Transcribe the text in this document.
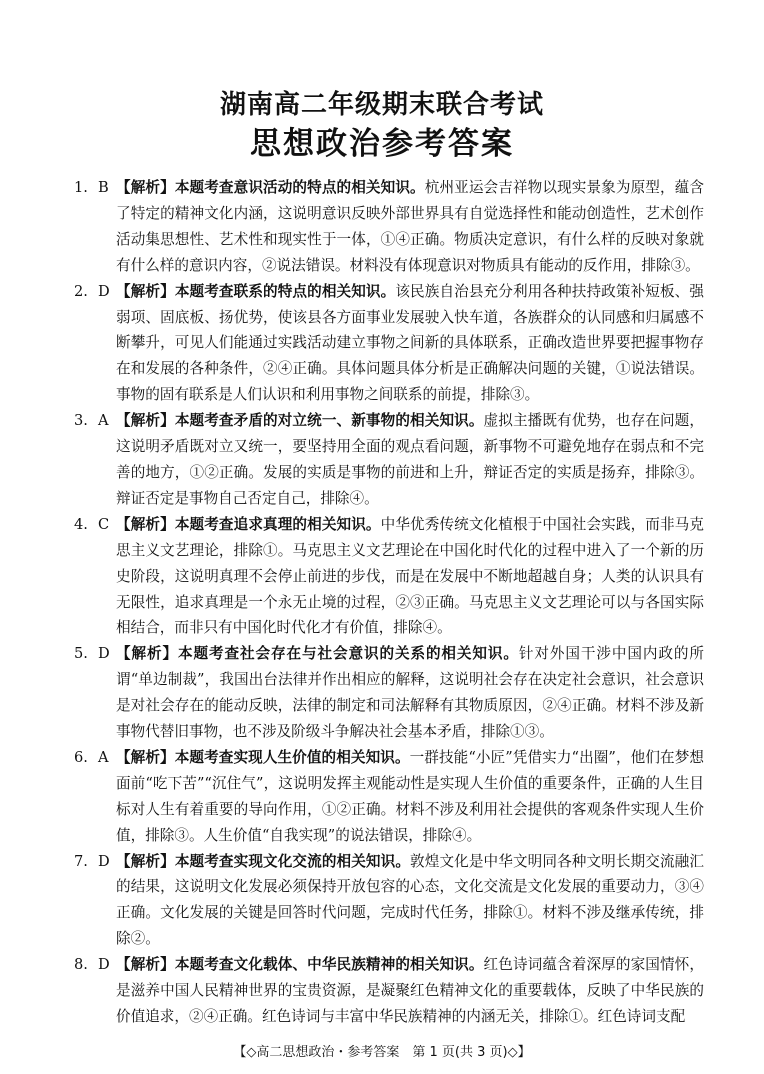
湖南高二年级期末联合考试
思想政治参考答案
1. B 【解析】本题考查意识活动的特点的相关知识。杭州亚运会吉祥物以现实景象为原型，蕴含了特定的精神文化内涵，这说明意识反映外部世界具有自觉选择性和能动创造性，艺术创作活动集思想性、艺术性和现实性于一体，①④正确。物质决定意识，有什么样的反映对象就有什么样的意识内容，②说法错误。材料没有体现意识对物质具有能动的反作用，排除③。
2. D 【解析】本题考查联系的特点的相关知识。该民族自治县充分利用各种扶持政策补短板、强弱项、固底板、扬优势，使该县各方面事业发展驶入快车道，各族群众的认同感和归属感不断攀升，可见人们能通过实践活动建立事物之间新的具体联系，正确改造世界要把握事物存在和发展的各种条件，②④正确。具体问题具体分析是正确解决问题的关键，①说法错误。事物的固有联系是人们认识和利用事物之间联系的前提，排除③。
3. A 【解析】本题考查矛盾的对立统一、新事物的相关知识。虚拟主播既有优势，也存在问题，这说明矛盾既对立又统一，要坚持用全面的观点看问题，新事物不可避免地存在弱点和不完善的地方，①②正确。发展的实质是事物的前进和上升，辩证否定的实质是扬弃，排除③。辩证否定是事物自己否定自己，排除④。
4. C 【解析】本题考查追求真理的相关知识。中华优秀传统文化植根于中国社会实践，而非马克思主义文艺理论，排除①。马克思主义文艺理论在中国化时代化的过程中进入了一个新的历史阶段，这说明真理不会停止前进的步伐，而是在发展中不断地超越自身；人类的认识具有无限性，追求真理是一个永无止境的过程，②③正确。马克思主义文艺理论可以与各国实际相结合，而非只有中国化时代化才有价值，排除④。
5. D 【解析】本题考查社会存在与社会意识的关系的相关知识。针对外国干涉中国内政的所谓“单边制裁”，我国出台法律并作出相应的解释，这说明社会存在决定社会意识，社会意识是对社会存在的能动反映，法律的制定和司法解释有其物质原因，②④正确。材料不涉及新事物代替旧事物，也不涉及阶级斗争解决社会基本矛盾，排除①③。
6. A 【解析】本题考查实现人生价值的相关知识。一群技能“小匠”凭借实力“出圈”，他们在梦想面前“吃下苦”“沉住气”，这说明发挥主观能动性是实现人生价值的重要条件，正确的人生目标对人生有着重要的导向作用，①②正确。材料不涉及利用社会提供的客观条件实现人生价值，排除③。人生价值“自我实现”的说法错误，排除④。
7. D 【解析】本题考查实现文化交流的相关知识。敦煌文化是中华文明同各种文明长期交流融汇的结果，这说明文化发展必须保持开放包容的心态，文化交流是文化发展的重要动力，③④正确。文化发展的关键是回答时代问题，完成时代任务，排除①。材料不涉及继承传统，排除②。
8. D 【解析】本题考查文化载体、中华民族精神的相关知识。红色诗词蕴含着深厚的家国情怀，是滋养中国人民精神世界的宝贵资源，是凝聚红色精神文化的重要载体，反映了中华民族的价值追求，②④正确。红色诗词与丰富中华民族精神的内涵无关，排除①。红色诗词支配
【◇高二思想政治・参考答案　第 1 页(共 3 页)◇】
